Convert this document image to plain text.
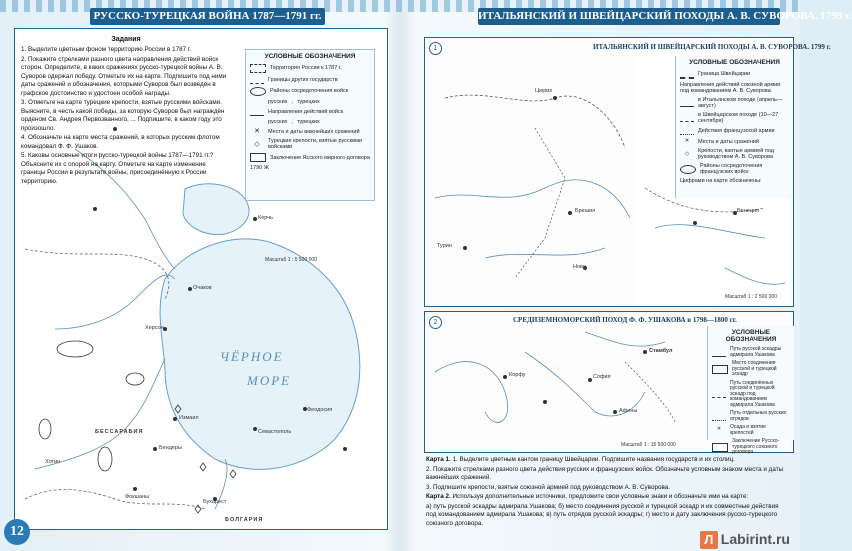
РУССКО-ТУРЕЦКАЯ ВОЙНА 1787—1791 гг.
УСЛОВНЫЕ ОБОЗНАЧЕНИЯ
Территория России к 1787 г.
Границы других государств
Районы сосредоточения войск
русских , турецких
Направления действий войск
русских , турецких
✕	Места и даты важнейших сражений
◇	Турецкие крепости, взятые русскими войсками
Заключение Ясского мирного договора
1790 Ж
Херсон
Очаков
Измаил
Бендеры
Хотин
Фокшаны
Бухарест
Севастополь
Феодосия
Керчь
БЕССАРАБИЯ
БОЛГАРИЯ
ЧЁРНОЕ
МОРЕ
Масштаб 1 : 5 500 000
Задания

1. Выделите цветным фоном территорию России в 1787 г.

2. Покажите стрелками разного цвета направления действий войск сторон. Определите, в каких сражениях русско-турецкой войны А. В. Суворов одержал победу. Отметьте их на карте. Подпишите под ними даты сражений и обозначения, которыми Суворов был возведён в графское достоинство и удостоен особой награды.

3. Отметьте на карте турецкие крепости, взятые русскими войсками. Выясните, в честь какой победы, за которую Суворов был награждён орденом Св. Андрея Первозванного, ... Подпишите, в каком году это произошло.

4. Обозначьте на карте места сражений, в которых русским флотом командовал Ф. Ф. Ушаков.

5. Каковы основные итоги русско-турецкой войны 1787—1791 гг.? Объясните их с опорой на карту. Отметьте на карте изменение границы России в результате войны, присоединённую к России территорию.

12
ИТАЛЬЯНСКИЙ И ШВЕЙЦАРСКИЙ ПОХОДЫ А. В. СУВОРОВА. 1799 г.
1	ИТАЛЬЯНСКИЙ И ШВЕЙЦАРСКИЙ ПОХОДЫ А. В. СУВОРОВА. 1799 г.
УСЛОВНЫЕ ОБОЗНАЧЕНИЯ
Граница Швейцарии
Направления действий союзной армии под командованием А. В. Суворова
в Итальянском походе (апрель—август)
в Швейцарском походе (10—27 сентября)
Действия французской армии
✕	Места и даты сражений
◇	Крепости, взятые армией под руководством А. В. Суворова
Районы сосредоточения французских войск
Цифрами на карте обозначены:
Цюрих
Турин
Брешия
Нови
Венеция
Масштаб 1 : 2 500 000
2	СРЕДИЗЕМНОМОРСКИЙ ПОХОД Ф. Ф. УШАКОВА в 1798—1800 гг.
УСЛОВНЫЕ ОБОЗНАЧЕНИЯ
Путь русской эскадры адмирала Ушакова
Место соединения русской и турецкой эскадр
Путь соединённых русской и турецкой эскадр под командованием адмирала Ушакова
Путь отдельных русских отрядов
✕	Осада и взятие крепостей
Заключение Русско-турецкого союзного договора
Корфу
Афины
Стамбул
София
Масштаб 1 : 15 500 000

Карта 1. 1. Выделите цветным кантом границу Швейцарии. Подпишите названия государств и их столиц.

2. Покажите стрелками разного цвета действия русских и французских войск. Обозначьте условным знаком места и даты важнейших сражений.

3. Подпишите крепости, взятые союзной армией под руководством А. В. Суворова.

Карта 2. Используя дополнительные источники, предложите свои условные знаки и обозначьте ими на карте:

а) путь русской эскадры адмирала Ушакова; б) место соединения русской и турецкой эскадр и их совместные действия под командованием адмирала Ушакова; в) путь отрядов русской эскадры; г) место и дату заключения русско-турецкого союзного договора.

Л Labirint.ru
